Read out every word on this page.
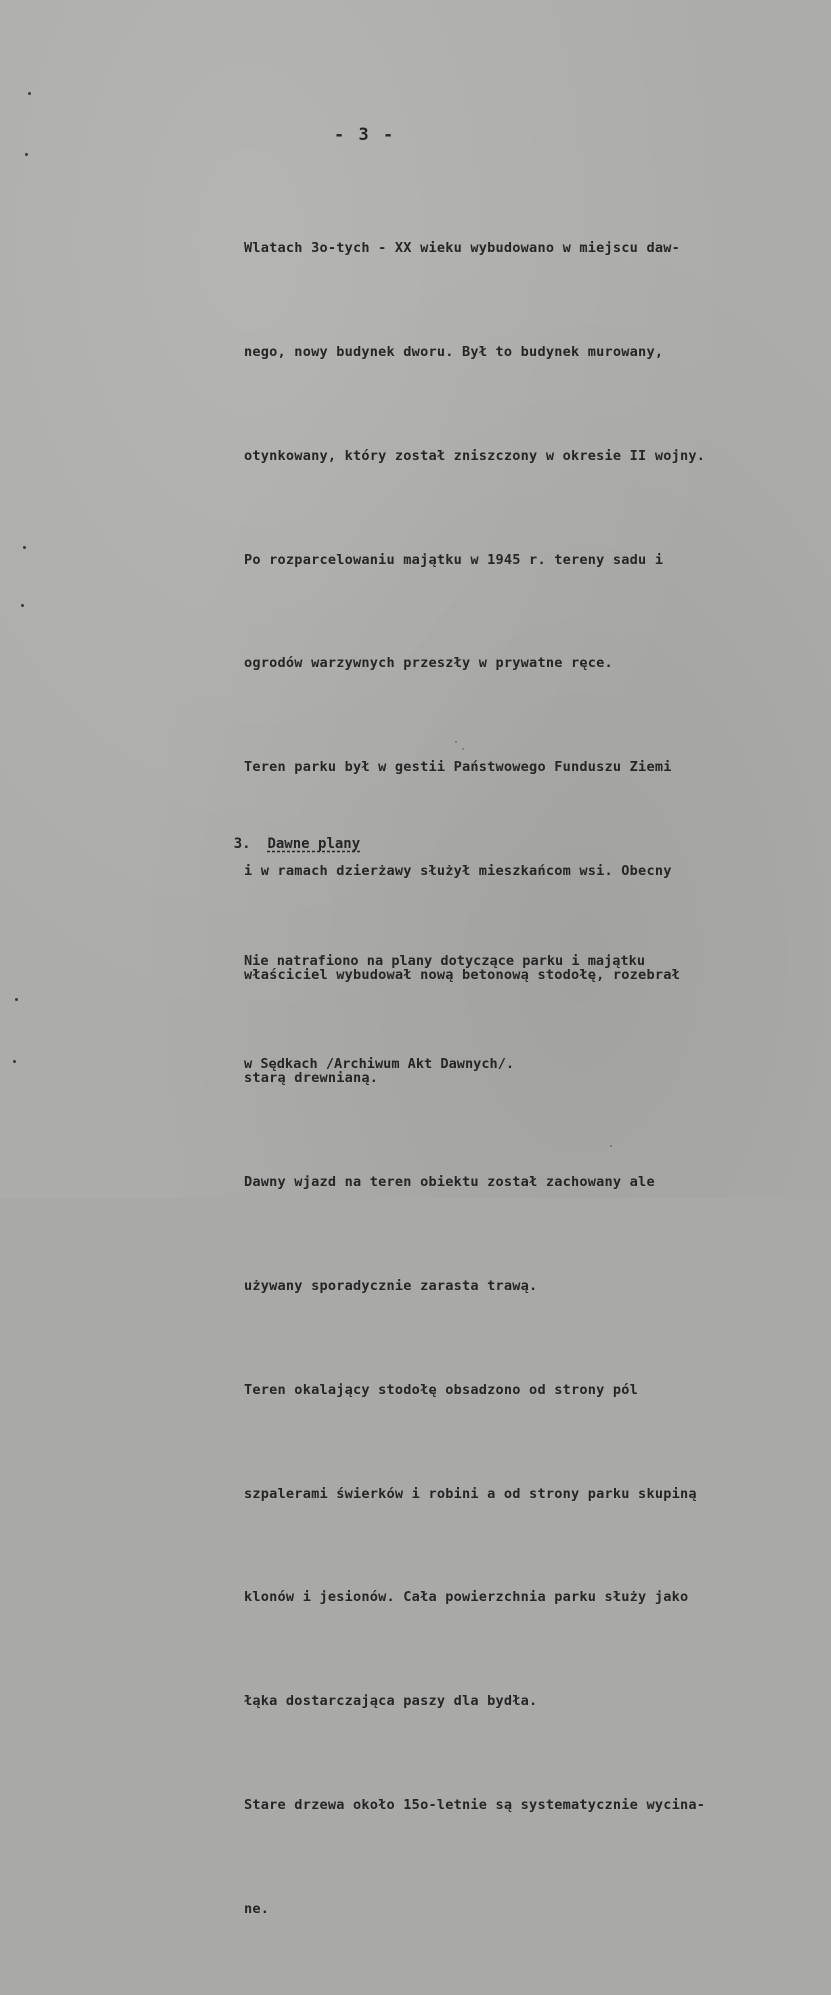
- 3 -

Wlatach 3o-tych - XX wieku wybudowano w miejscu daw-

nego, nowy budynek dworu. Był to budynek murowany,

otynkowany, który został zniszczony w okresie II wojny.

Po rozparcelowaniu majątku w 1945 r. tereny sadu i

ogrodów warzywnych przeszły w prywatne ręce.

Teren parku był w gestii Państwowego Funduszu Ziemi

i w ramach dzierżawy służył mieszkańcom wsi. Obecny

właściciel wybudował nową betonową stodołę, rozebrał

starą drewnianą.

Dawny wjazd na teren obiektu został zachowany ale

używany sporadycznie zarasta trawą.

Teren okalający stodołę obsadzono od strony pól

szpalerami świerków i robini a od strony parku skupiną

klonów i jesionów. Cała powierzchnia parku służy jako

łąka dostarczająca paszy dla bydła.

Stare drzewa około 15o-letnie są systematycznie wycina-

ne.

3. Dawne plany

Nie natrafiono na plany dotyczące parku i majątku

w Sędkach /Archiwum Akt Dawnych/.
